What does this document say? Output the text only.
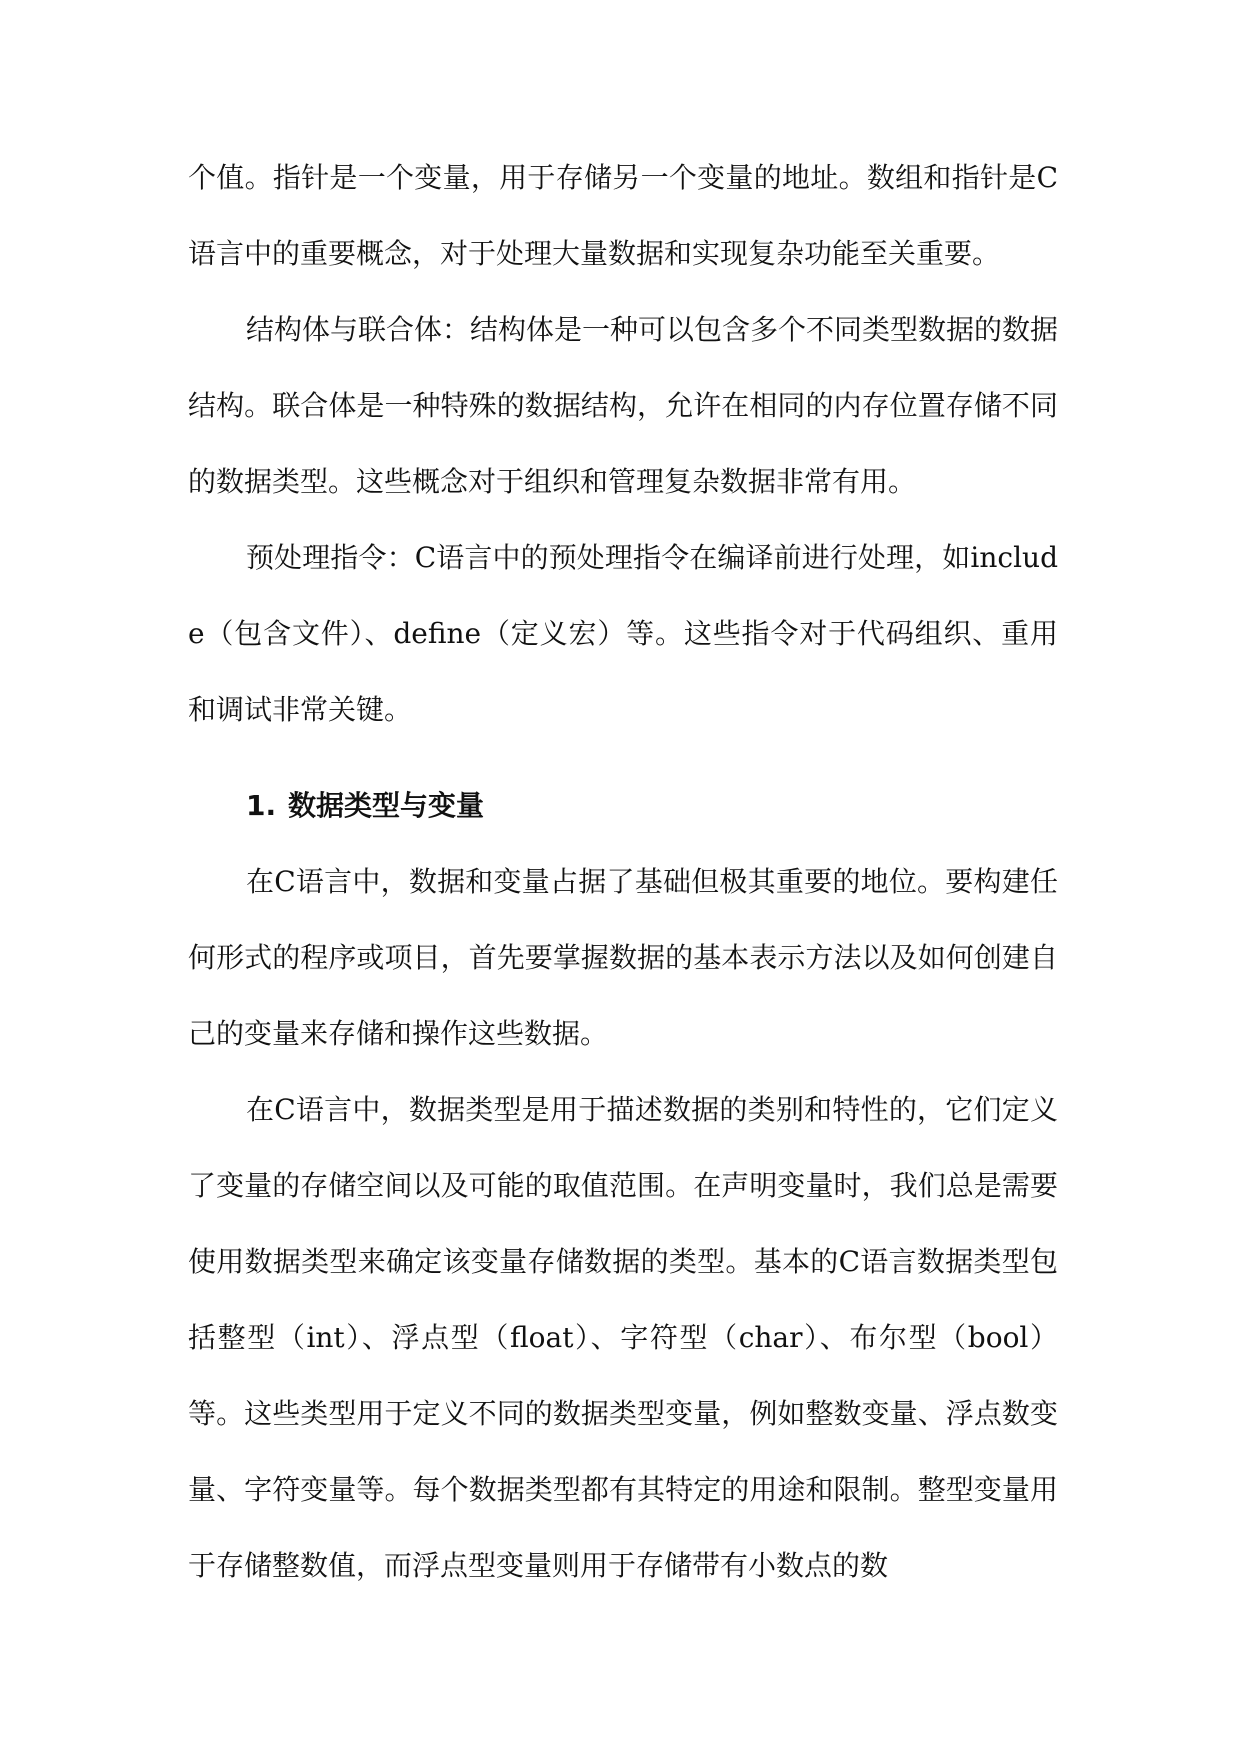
个值。指针是一个变量，用于存储另一个变量的地址。数组和指针是C语言中的重要概念，对于处理大量数据和实现复杂功能至关重要。

结构体与联合体：结构体是一种可以包含多个不同类型数据的数据结构。联合体是一种特殊的数据结构，允许在相同的内存位置存储不同的数据类型。这些概念对于组织和管理复杂数据非常有用。

预处理指令：C语言中的预处理指令在编译前进行处理，如include（包含文件）、define（定义宏）等。这些指令对于代码组织、重用和调试非常关键。

1. 数据类型与变量

在C语言中，数据和变量占据了基础但极其重要的地位。要构建任何形式的程序或项目，首先要掌握数据的基本表示方法以及如何创建自己的变量来存储和操作这些数据。

在C语言中，数据类型是用于描述数据的类别和特性的，它们定义了变量的存储空间以及可能的取值范围。在声明变量时，我们总是需要使用数据类型来确定该变量存储数据的类型。基本的C语言数据类型包括整型（int）、浮点型（float）、字符型（char）、布尔型（bool）等。这些类型用于定义不同的数据类型变量，例如整数变量、浮点数变量、字符变量等。每个数据类型都有其特定的用途和限制。整型变量用于存储整数值，而浮点型变量则用于存储带有小数点的数
